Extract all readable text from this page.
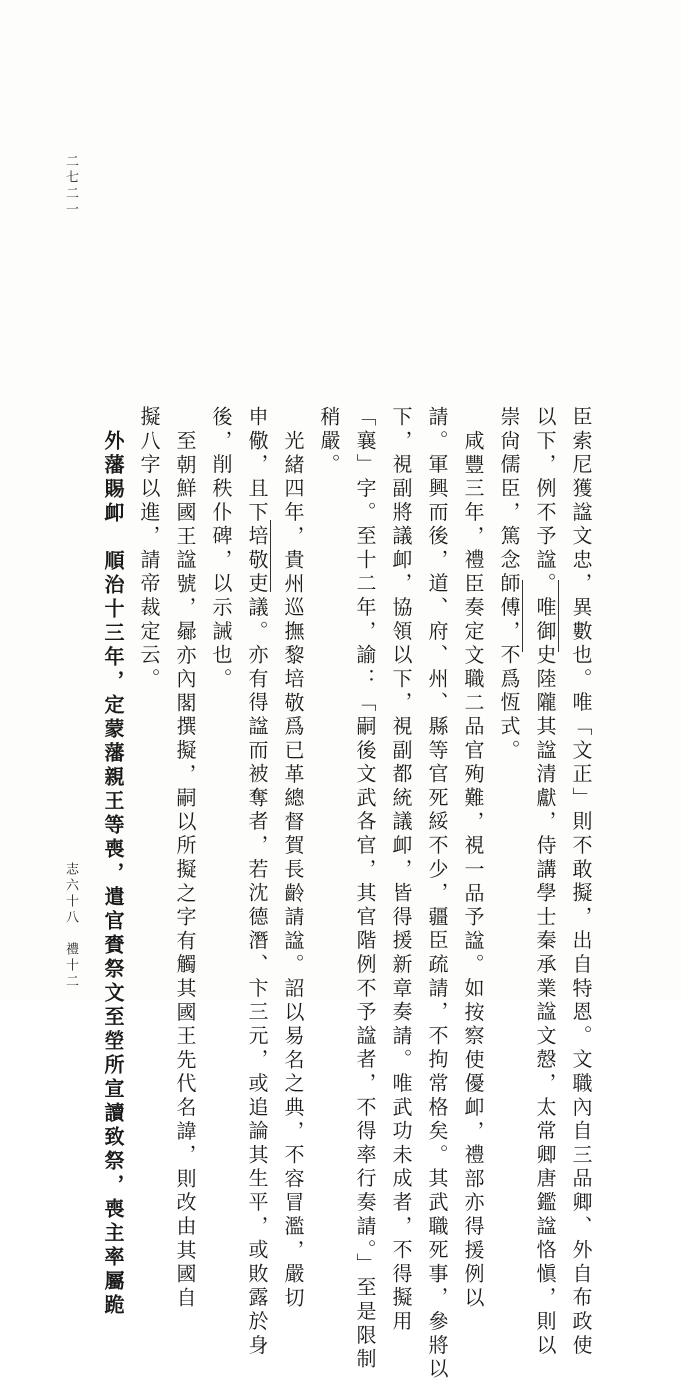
臣索尼獲諡文忠，異數也。唯「文正」則不敢擬，出自特恩。文職內自三品卿、外自布政使
以下，例不予諡。唯御史陸隴其諡清獻，侍講學士秦承業諡文慤，太常卿唐鑑諡恪愼，則以
崇尙儒臣，篤念師傅，不爲恆式。
咸豐三年，禮臣奏定文職二品官殉難，視一品予諡。如按察使優卹，禮部亦得援例以
請。軍興而後，道、府、州、縣等官死綏不少，疆臣疏請，不拘常格矣。其武職死事，參將以
下，視副將議卹，協領以下，視副都統議卹，皆得援新章奏請。唯武功未成者，不得擬用
「襄」字。至十二年，諭：「嗣後文武各官，其官階例不予諡者，不得率行奏請。」至是限制
稍嚴。
光緒四年，貴州巡撫黎培敬爲已革總督賀長齡請諡。詔以易名之典，不容冒濫，嚴切
申儆，且下培敬吏議。亦有得諡而被奪者，若沈德潛、卞三元，或追論其生平，或敗露於身
後，削秩仆碑，以示誡也。
至朝鮮國王諡號，曏亦內閣撰擬，嗣以所擬之字有觸其國王先代名諱，則改由其國自
擬八字以進，請帝裁定云。
外藩賜卹　順治十三年，定蒙藩親王等喪，遣官賚祭文至塋所宣讀致祭，喪主率屬跪
志六十八　禮十二
二七二一
